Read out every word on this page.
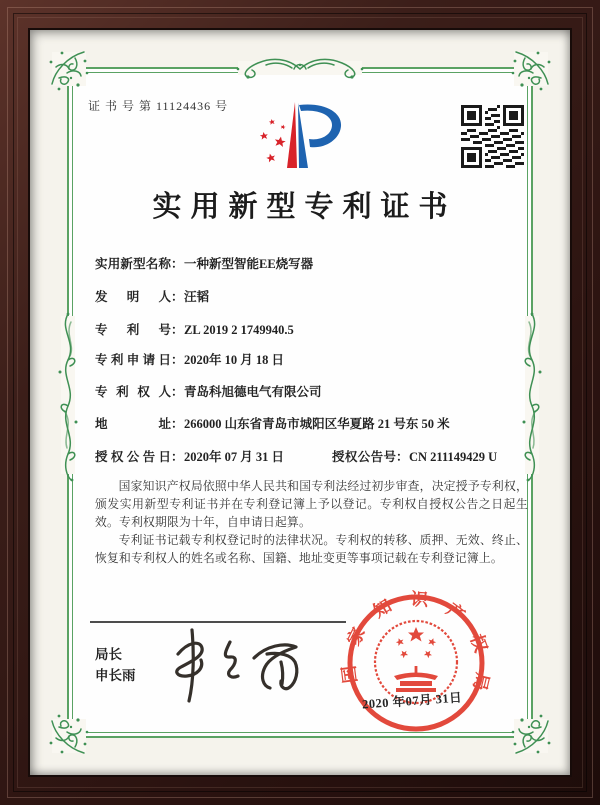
证 书 号 第 11124436 号
实用新型专利证书
实用新型名称：一种新型智能EE烧写器
发明人：汪韬
专利号：ZL 2019 2 1749940.5
专利申请日：2020年 10 月 18 日
专利权人：青岛科旭德电气有限公司
地址：266000 山东省青岛市城阳区华夏路 21 号东 50 米
授权公告日：2020年 07 月 31 日	授权公告号：CN 211149429 U

国家知识产权局依照中华人民共和国专利法经过初步审查，决定授予专利权，颁发实用新型专利证书并在专利登记簿上予以登记。专利权自授权公告之日起生效。专利权期限为十年，自申请日起算。

专利证书记载专利权登记时的法律状况。专利权的转移、质押、无效、终止、恢复和专利权人的姓名或名称、国籍、地址变更等事项记载在专利登记簿上。

局长
申长雨	国家知识产权局
2020 年07月 31日
